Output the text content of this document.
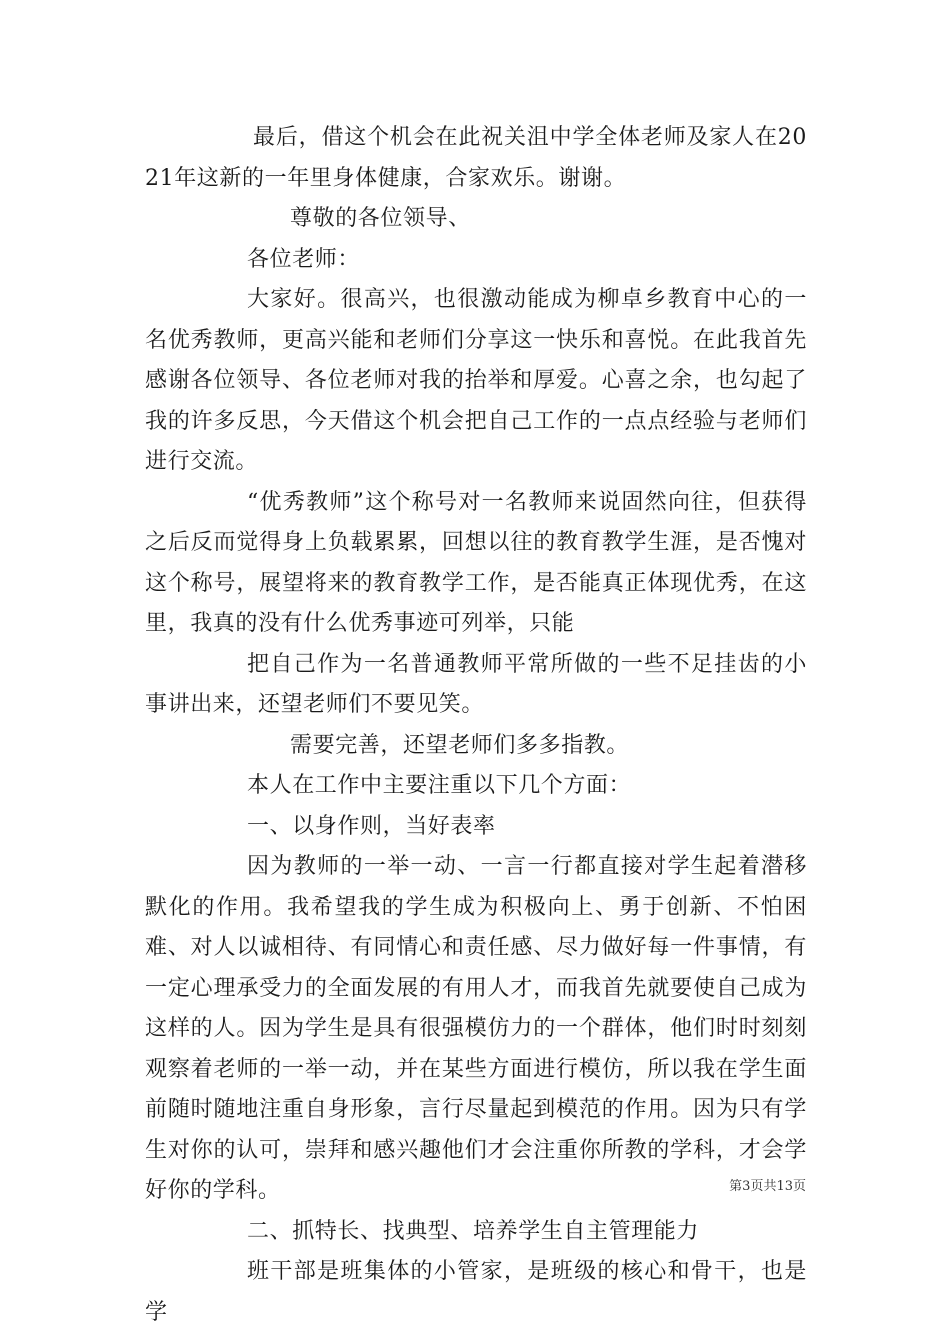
最后，借这个机会在此祝关沮中学全体老师及家人在2021年这新的一年里身体健康，合家欢乐。谢谢。

尊敬的各位领导、

各位老师：

大家好。很高兴，也很激动能成为柳卓乡教育中心的一名优秀教师，更高兴能和老师们分享这一快乐和喜悦。在此我首先感谢各位领导、各位老师对我的抬举和厚爱。心喜之余，也勾起了我的许多反思，今天借这个机会把自己工作的一点点经验与老师们进行交流。

“优秀教师”这个称号对一名教师来说固然向往，但获得之后反而觉得身上负载累累，回想以往的教育教学生涯，是否愧对这个称号，展望将来的教育教学工作，是否能真正体现优秀，在这里，我真的没有什么优秀事迹可列举，只能

把自己作为一名普通教师平常所做的一些不足挂齿的小事讲出来，还望老师们不要见笑。

需要完善，还望老师们多多指教。

本人在工作中主要注重以下几个方面：

一、以身作则，当好表率

因为教师的一举一动、一言一行都直接对学生起着潜移默化的作用。我希望我的学生成为积极向上、勇于创新、不怕困难、对人以诚相待、有同情心和责任感、尽力做好每一件事情，有一定心理承受力的全面发展的有用人才，而我首先就要使自己成为这样的人。因为学生是具有很强模仿力的一个群体，他们时时刻刻观察着老师的一举一动，并在某些方面进行模仿，所以我在学生面前随时随地注重自身形象，言行尽量起到模范的作用。因为只有学生对你的认可，崇拜和感兴趣他们才会注重你所教的学科，才会学好你的学科。

二、抓特长、找典型、培养学生自主管理能力

班干部是班集体的小管家，是班级的核心和骨干，也是学

第3页共13页
